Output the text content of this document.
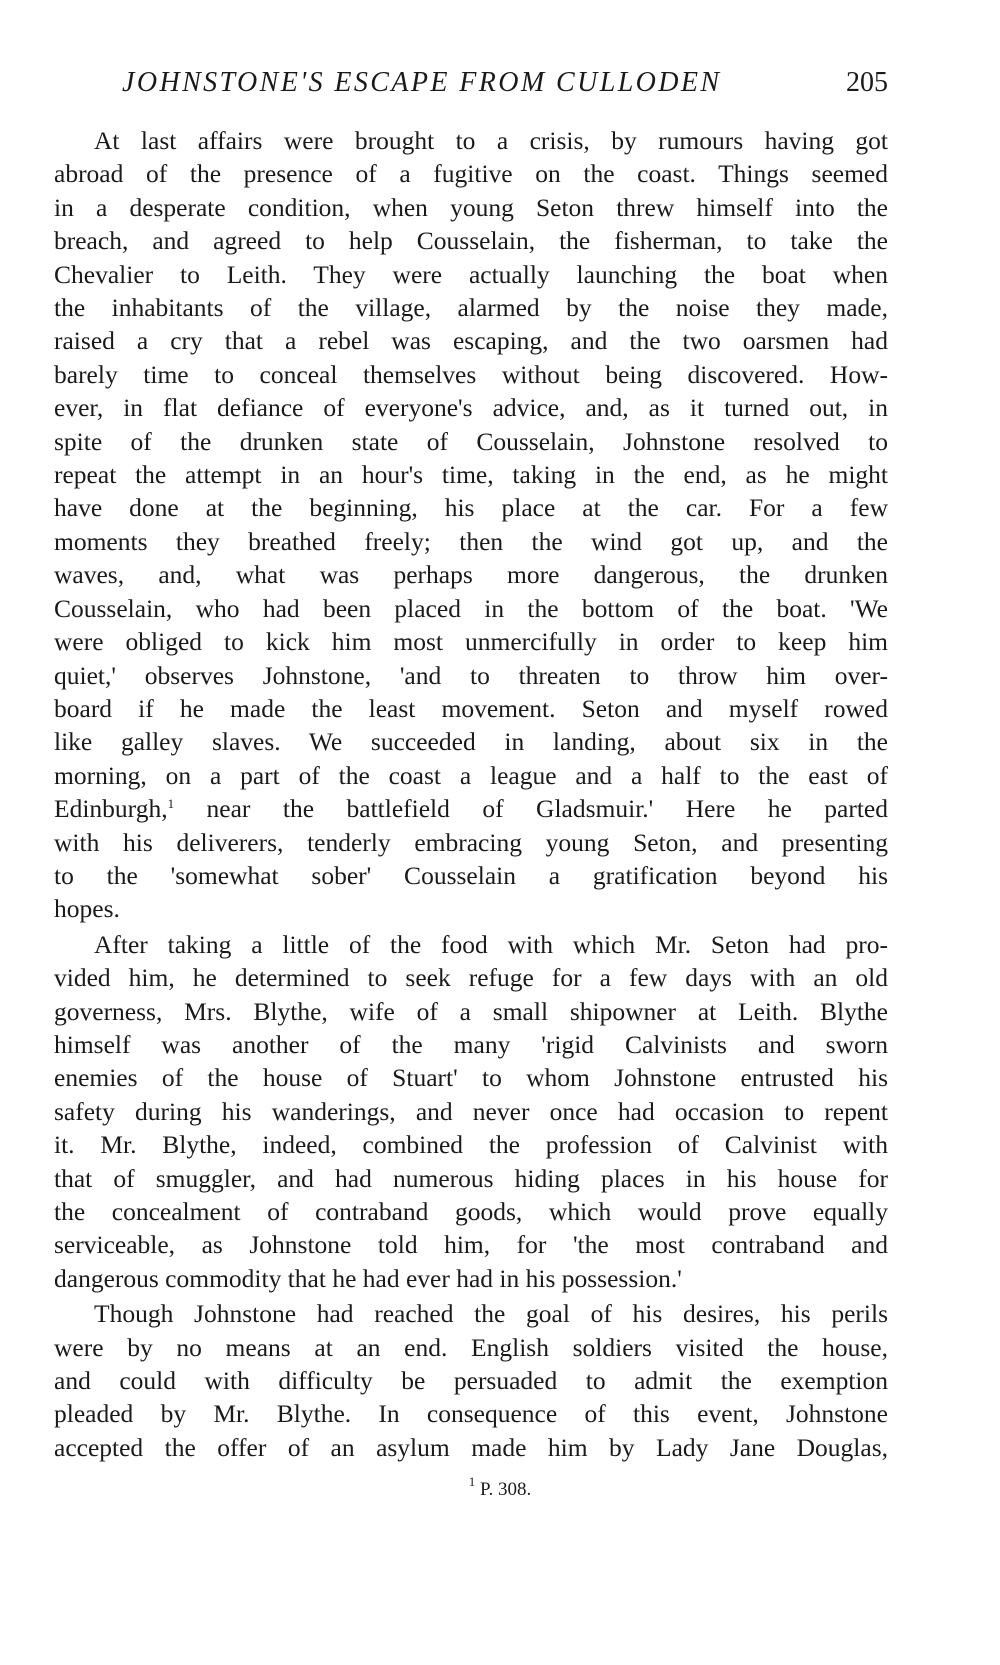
JOHNSTONE'S ESCAPE FROM CULLODEN	205
At last affairs were brought to a crisis, by rumours having got
abroad of the presence of a fugitive on the coast. Things seemed
in a desperate condition, when young Seton threw himself into the
breach, and agreed to help Cousselain, the fisherman, to take the
Chevalier to Leith. They were actually launching the boat when
the inhabitants of the village, alarmed by the noise they made,
raised a cry that a rebel was escaping, and the two oarsmen had
barely time to conceal themselves without being discovered. How-
ever, in flat defiance of everyone's advice, and, as it turned out, in
spite of the drunken state of Cousselain, Johnstone resolved to
repeat the attempt in an hour's time, taking in the end, as he might
have done at the beginning, his place at the car. For a few
moments they breathed freely; then the wind got up, and the
waves, and, what was perhaps more dangerous, the drunken
Cousselain, who had been placed in the bottom of the boat. 'We
were obliged to kick him most unmercifully in order to keep him
quiet,' observes Johnstone, 'and to threaten to throw him over-
board if he made the least movement. Seton and myself rowed
like galley slaves. We succeeded in landing, about six in the
morning, on a part of the coast a league and a half to the east of
Edinburgh,$^1$ near the battlefield of Gladsmuir.' Here he parted
with his deliverers, tenderly embracing young Seton, and presenting
to the 'somewhat sober' Cousselain a gratification beyond his
hopes.
After taking a little of the food with which Mr. Seton had pro-
vided him, he determined to seek refuge for a few days with an old
governess, Mrs. Blythe, wife of a small shipowner at Leith. Blythe
himself was another of the many 'rigid Calvinists and sworn
enemies of the house of Stuart' to whom Johnstone entrusted his
safety during his wanderings, and never once had occasion to repent
it. Mr. Blythe, indeed, combined the profession of Calvinist with
that of smuggler, and had numerous hiding places in his house for
the concealment of contraband goods, which would prove equally
serviceable, as Johnstone told him, for 'the most contraband and
dangerous commodity that he had ever had in his possession.'
Though Johnstone had reached the goal of his desires, his perils
were by no means at an end. English soldiers visited the house,
and could with difficulty be persuaded to admit the exemption
pleaded by Mr. Blythe. In consequence of this event, Johnstone
accepted the offer of an asylum made him by Lady Jane Douglas,
$^1$ P. 308.
